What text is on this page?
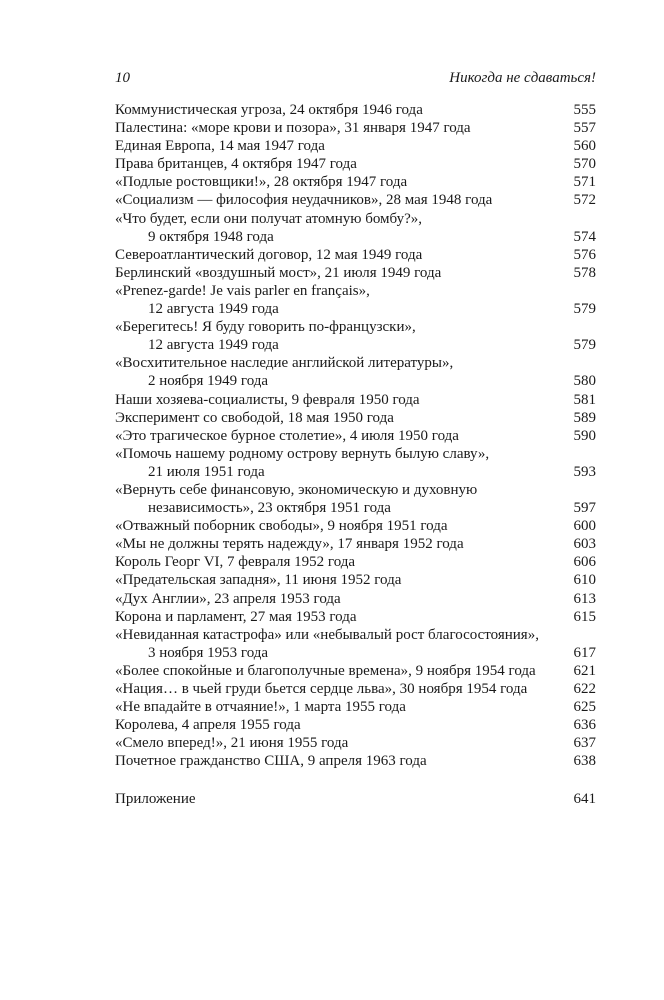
10	Никогда не сдаваться!
Коммунистическая угроза, 24 октября 1946 года	555
Палестина: «море крови и позора», 31 января 1947 года	557
Единая Европа, 14 мая 1947 года	560
Права британцев, 4 октября 1947 года	570
«Подлые ростовщики!», 28 октября 1947 года	571
«Социализм — философия неудачников», 28 мая 1948 года	572
«Что будет, если они получат атомную бомбу?»,
9 октября 1948 года	574
Североатлантический договор, 12 мая 1949 года	576
Берлинский «воздушный мост», 21 июля 1949 года	578
«Prenez-garde! Je vais parler en français»,
12 августа 1949 года	579
«Берегитесь! Я буду говорить по-французски»,
12 августа 1949 года	579
«Восхитительное наследие английской литературы»,
2 ноября 1949 года	580
Наши хозяева-социалисты, 9 февраля 1950 года	581
Эксперимент со свободой, 18 мая 1950 года	589
«Это трагическое бурное столетие», 4 июля 1950 года	590
«Помочь нашему родному острову вернуть былую славу»,
21 июля 1951 года	593
«Вернуть себе финансовую, экономическую и духовную
независимость», 23 октября 1951 года	597
«Отважный поборник свободы», 9 ноября 1951 года	600
«Мы не должны терять надежду», 17 января 1952 года	603
Король Георг VI, 7 февраля 1952 года	606
«Предательская западня», 11 июня 1952 года	610
«Дух Англии», 23 апреля 1953 года	613
Корона и парламент, 27 мая 1953 года	615
«Невиданная катастрофа» или «небывалый рост благосостояния»,
3 ноября 1953 года	617
«Более спокойные и благополучные времена», 9 ноября 1954 года	621
«Нация… в чьей груди бьется сердце льва», 30 ноября 1954 года	622
«Не впадайте в отчаяние!», 1 марта 1955 года	625
Королева, 4 апреля 1955 года	636
«Смело вперед!», 21 июня 1955 года	637
Почетное гражданство США, 9 апреля 1963 года	638
Приложение	641
